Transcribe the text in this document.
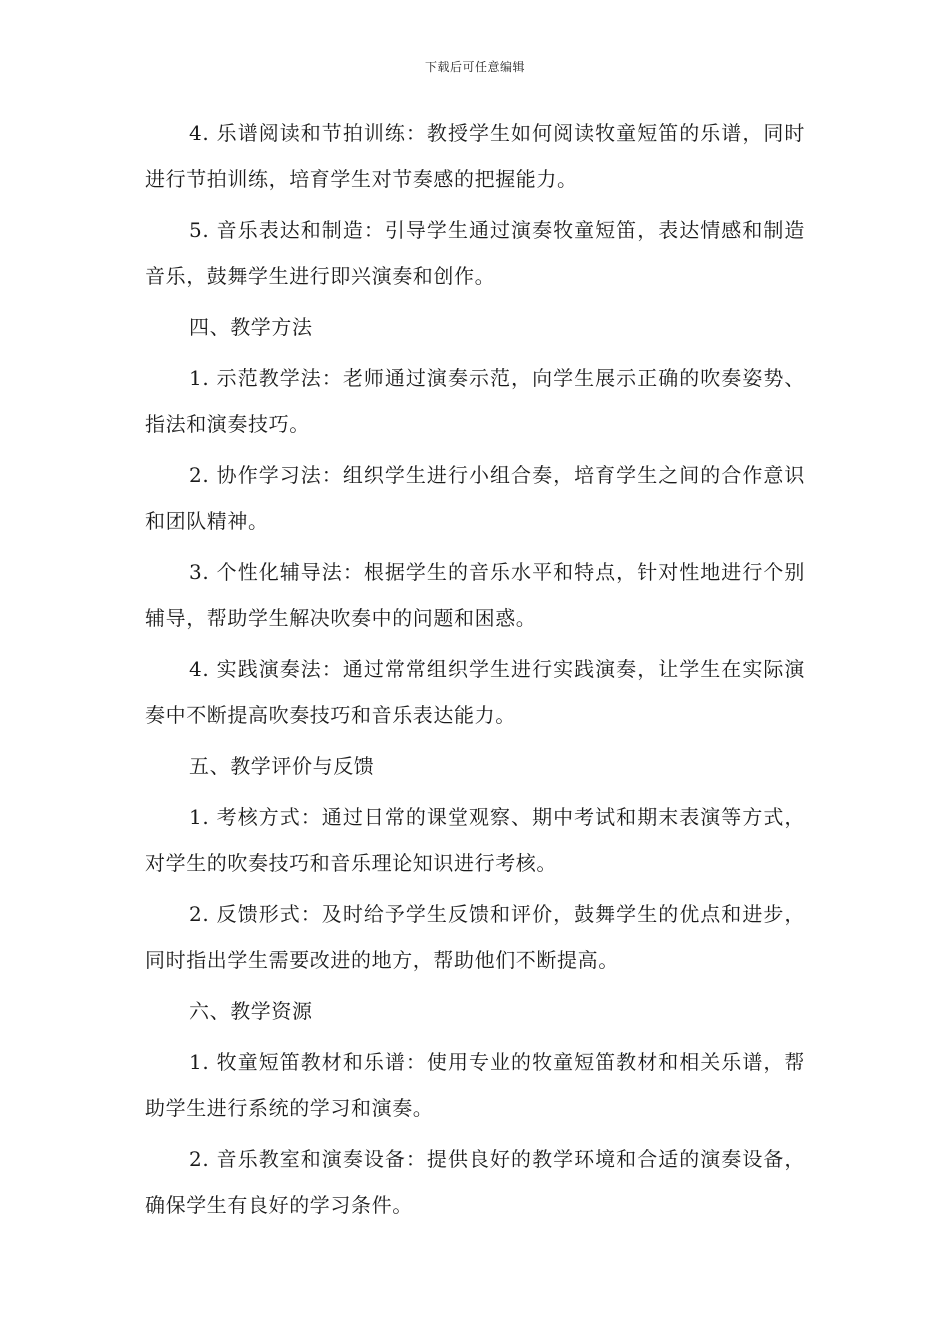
下载后可任意编辑

4. 乐谱阅读和节拍训练：教授学生如何阅读牧童短笛的乐谱，同时进行节拍训练，培育学生对节奏感的把握能力。

5. 音乐表达和制造：引导学生通过演奏牧童短笛，表达情感和制造音乐，鼓舞学生进行即兴演奏和创作。

四、教学方法

1. 示范教学法：老师通过演奏示范，向学生展示正确的吹奏姿势、指法和演奏技巧。

2. 协作学习法：组织学生进行小组合奏，培育学生之间的合作意识和团队精神。

3. 个性化辅导法：根据学生的音乐水平和特点，针对性地进行个别辅导，帮助学生解决吹奏中的问题和困惑。

4. 实践演奏法：通过常常组织学生进行实践演奏，让学生在实际演奏中不断提高吹奏技巧和音乐表达能力。

五、教学评价与反馈

1. 考核方式：通过日常的课堂观察、期中考试和期末表演等方式，对学生的吹奏技巧和音乐理论知识进行考核。

2. 反馈形式：及时给予学生反馈和评价，鼓舞学生的优点和进步，同时指出学生需要改进的地方，帮助他们不断提高。

六、教学资源

1. 牧童短笛教材和乐谱：使用专业的牧童短笛教材和相关乐谱，帮助学生进行系统的学习和演奏。

2. 音乐教室和演奏设备：提供良好的教学环境和合适的演奏设备，确保学生有良好的学习条件。
